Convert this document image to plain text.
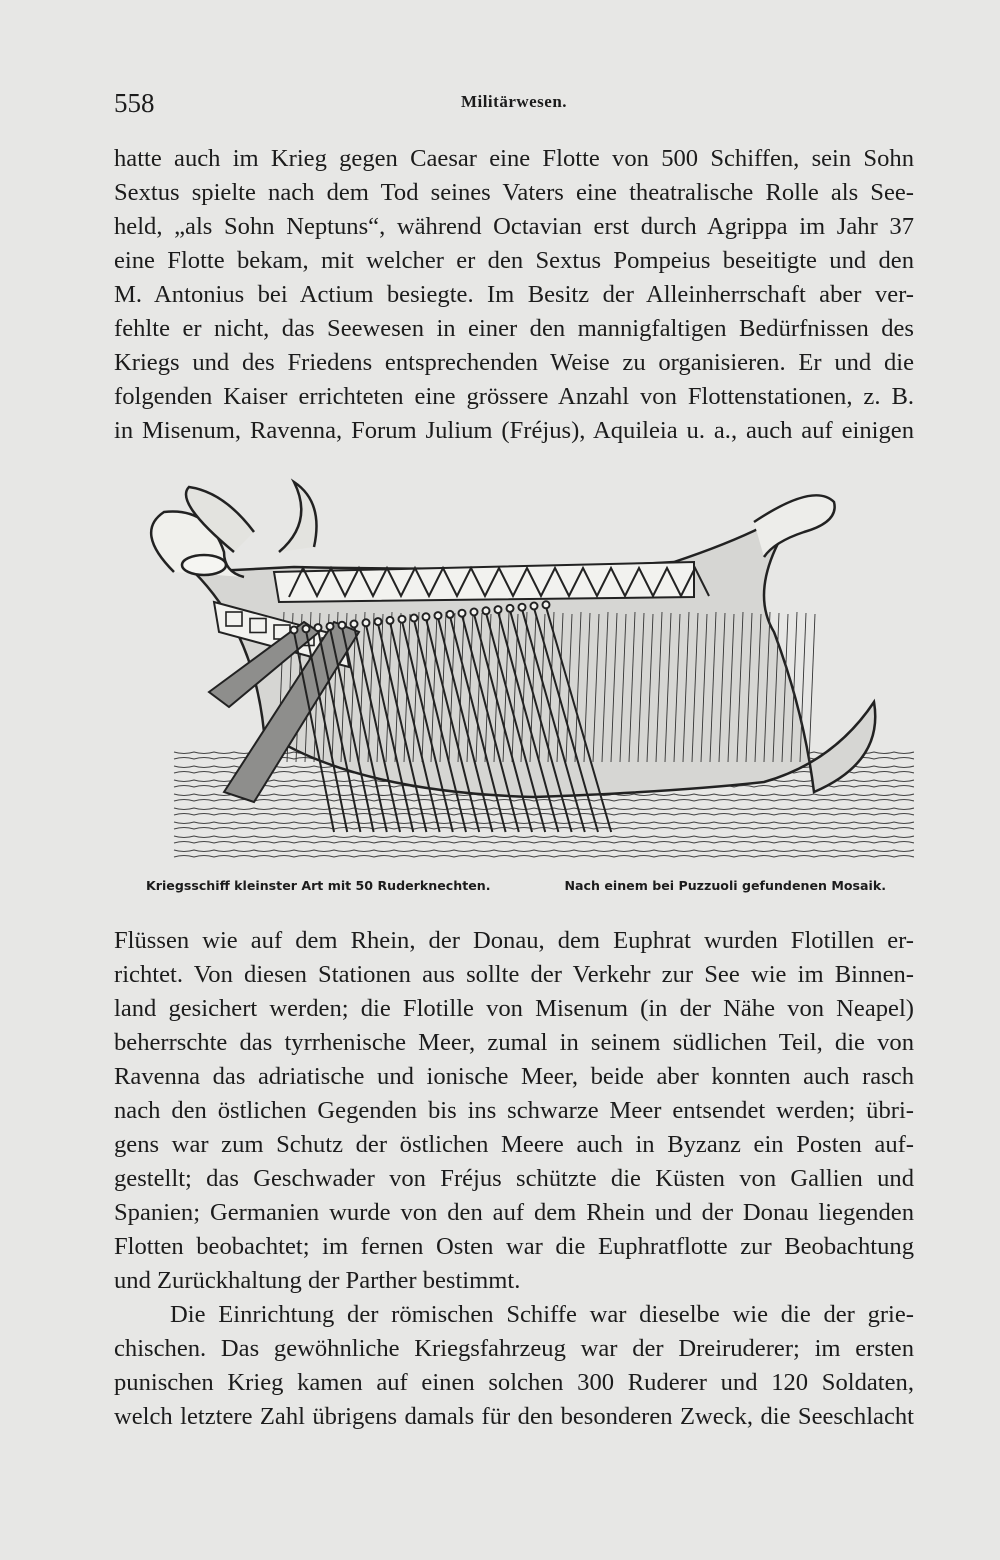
558	Militärwesen.
hatte auch im Krieg gegen Caesar eine Flotte von 500 Schiffen, sein Sohn
Sextus spielte nach dem Tod seines Vaters eine theatralische Rolle als See-
held, „als Sohn Neptuns“, während Octavian erst durch Agrippa im Jahr 37
eine Flotte bekam, mit welcher er den Sextus Pompeius beseitigte und den
M. Antonius bei Actium besiegte. Im Besitz der Alleinherrschaft aber ver-
fehlte er nicht, das Seewesen in einer den mannigfaltigen Bedürfnissen des
Kriegs und des Friedens entsprechenden Weise zu organisieren. Er und die
folgenden Kaiser errichteten eine grössere Anzahl von Flottenstationen, z. B.
in Misenum, Ravenna, Forum Julium (Fréjus), Aquileia u. a., auch auf einigen
Kriegsschiff kleinster Art mit 50 Ruderknechten.	Nach einem bei Puzzuoli gefundenen Mosaik.
Flüssen wie auf dem Rhein, der Donau, dem Euphrat wurden Flotillen er-
richtet. Von diesen Stationen aus sollte der Verkehr zur See wie im Binnen-
land gesichert werden; die Flotille von Misenum (in der Nähe von Neapel)
beherrschte das tyrrhenische Meer, zumal in seinem südlichen Teil, die von
Ravenna das adriatische und ionische Meer, beide aber konnten auch rasch
nach den östlichen Gegenden bis ins schwarze Meer entsendet werden; übri-
gens war zum Schutz der östlichen Meere auch in Byzanz ein Posten auf-
gestellt; das Geschwader von Fréjus schützte die Küsten von Gallien und
Spanien; Germanien wurde von den auf dem Rhein und der Donau liegenden
Flotten beobachtet; im fernen Osten war die Euphratflotte zur Beobachtung
und Zurückhaltung der Parther bestimmt.
Die Einrichtung der römischen Schiffe war dieselbe wie die der grie-
chischen. Das gewöhnliche Kriegsfahrzeug war der Dreiruderer; im ersten
punischen Krieg kamen auf einen solchen 300 Ruderer und 120 Soldaten,
welch letztere Zahl übrigens damals für den besonderen Zweck, die Seeschlacht
